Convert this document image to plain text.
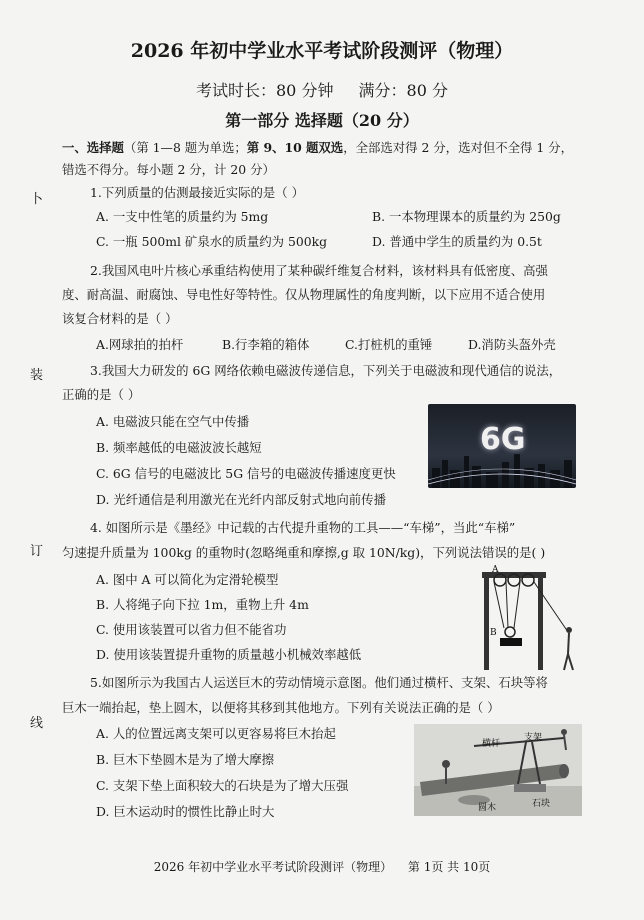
2026 年初中学业水平考试阶段测评（物理）
考试时长：80 分钟 满分：80 分
第一部分 选择题（20 分）
一、选择题（第 1—8 题为单选；第 9、10 题双选，全部选对得 2 分，选对但不全得 1 分，
错选不得分。每小题 2 分，计 20 分）
卜
装
订
线
1.下列质量的估测最接近实际的是（ ）
A. 一支中性笔的质量约为 5mg	B. 一本物理课本的质量约为 250g
C. 一瓶 500ml 矿泉水的质量约为 500kg	D. 普通中学生的质量约为 0.5t
2.我国风电叶片核心承重结构使用了某种碳纤维复合材料，该材料具有低密度、高强
度、耐高温、耐腐蚀、导电性好等特性。仅从物理属性的角度判断，以下应用不适合使用
该复合材料的是（ ）
A.网球拍的拍杆	B.行李箱的箱体	C.打桩机的重锤	D.消防头盔外壳
3.我国大力研发的 6G 网络依赖电磁波传递信息，下列关于电磁波和现代通信的说法，
正确的是（ ）
A. 电磁波只能在空气中传播
B. 频率越低的电磁波波长越短
C. 6G 信号的电磁波比 5G 信号的电磁波传播速度更快
D. 光纤通信是利用激光在光纤内部反射式地向前传播
6G
4. 如图所示是《墨经》中记载的古代提升重物的工具——“车梯”，当此“车梯”
匀速提升质量为 100kg 的重物时(忽略绳重和摩擦,g 取 10N/kg)，下列说法错误的是( )
A. 图中 A 可以简化为定滑轮模型
B. 人将绳子向下拉 1m，重物上升 4m
C. 使用该装置可以省力但不能省功
D. 使用该装置提升重物的质量越小机械效率越低
A
B
5.如图所示为我国古人运送巨木的劳动情境示意图。他们通过横杆、支架、石块等将
巨木一端抬起，垫上圆木，以便将其移到其他地方。下列有关说法正确的是（ ）
A. 人的位置远离支架可以更容易将巨木抬起
B. 巨木下垫圆木是为了增大摩擦
C. 支架下垫上面积较大的石块是为了增大压强
D. 巨木运动时的惯性比静止时大
横杆
支架
圆木	石块
2026 年初中学业水平考试阶段测评（物理） 第 1页 共 10页
